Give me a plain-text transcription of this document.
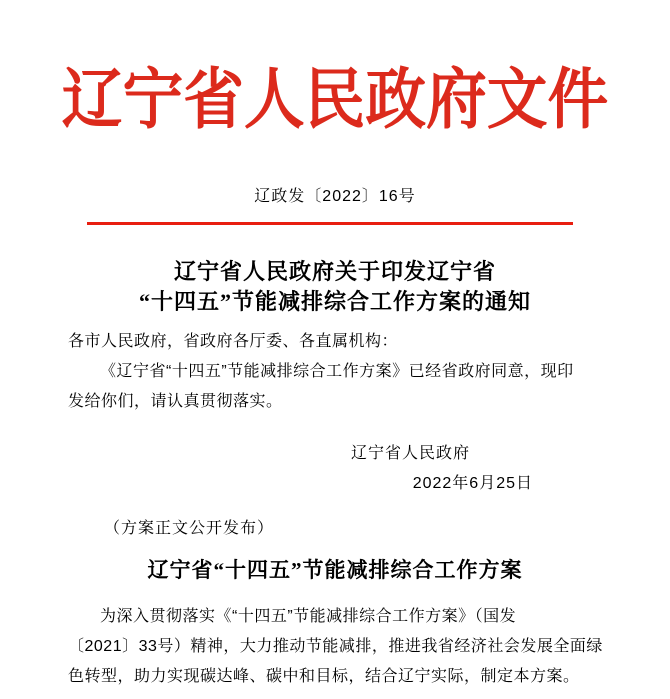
辽宁省人民政府文件
辽政发〔2022〕16号
辽宁省人民政府关于印发辽宁省
“十四五”节能减排综合工作方案的通知
各市人民政府，省政府各厅委、各直属机构：
《辽宁省“十四五”节能减排综合工作方案》已经省政府同意，现印
发给你们，请认真贯彻落实。
辽宁省人民政府
2022年6月25日
（方案正文公开发布）
辽宁省“十四五”节能减排综合工作方案
为深入贯彻落实《“十四五”节能减排综合工作方案》（国发
〔2021〕33号）精神，大力推动节能减排，推进我省经济社会发展全面绿
色转型，助力实现碳达峰、碳中和目标，结合辽宁实际，制定本方案。
